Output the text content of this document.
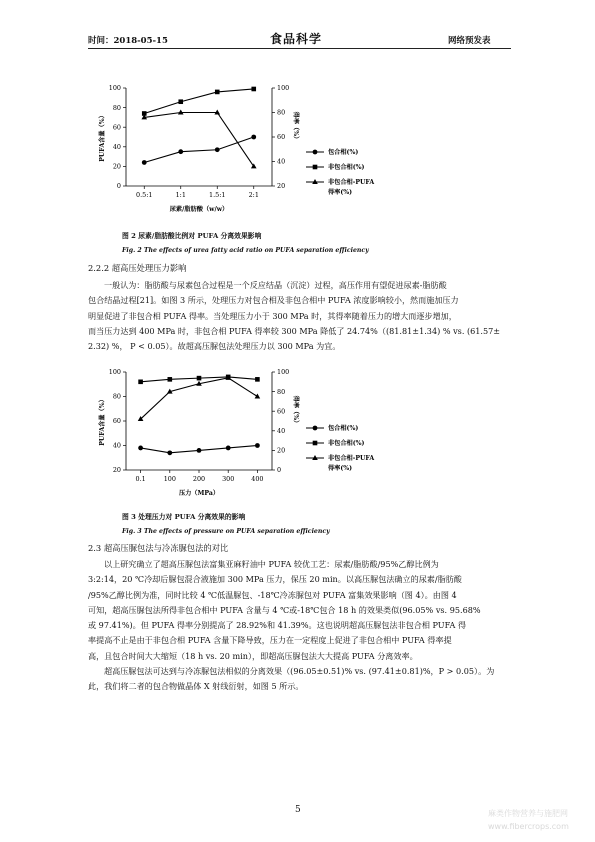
时间：2018-05-15	食品科学	网络预发表
0
20
40
60
80
100
20
40
60
80
100
0.5:1	1:1	1.5:1	2:1
PUFA含量（%）	得率（%）
尿素/脂肪酸（w/w）
包合相(%)
非包合相(%)
非包合相-PUFA
得率(%)
图 2 尿素/脂肪酸比例对 PUFA 分离效果影响
Fig. 2 The effects of urea fatty acid ratio on PUFA separation efficiency
2.2.2 超高压处理压力影响
一般认为：脂肪酸与尿素包合过程是一个反应结晶（沉淀）过程，高压作用有望促进尿素-脂肪酸
包合结晶过程[21]。如图 3 所示，处理压力对包合相及非包合相中 PUFA 浓度影响较小，然而施加压力
明显促进了非包合相 PUFA 得率。当处理压力小于 300 MPa 时，其得率随着压力的增大而逐步增加，
而当压力达到 400 MPa 时，非包合相 PUFA 得率较 300 MPa 降低了 24.74%（(81.81±1.34) % vs. (61.57±
2.32) %， P < 0.05）。故超高压脲包法处理压力以 300 MPa 为宜。
20
40
60
80
100
0
20
40
60
80
100
0.1	100	200	300	400
PUFA含量（%）	得率（%）
压力（MPa）
包合相(%)
非包合相(%)
非包合相-PUFA
得率(%)
图 3 处理压力对 PUFA 分离效果的影响
Fig. 3 The effects of pressure on PUFA separation efficiency
2.3 超高压脲包法与冷冻脲包法的对比
以上研究确立了超高压脲包法富集亚麻籽油中 PUFA 较优工艺：尿素/脂肪酸/95%乙醇比例为
3:2:14，20 ℃冷却后脲包混合液施加 300 MPa 压力，保压 20 min。以高压脲包法确立的尿素/脂肪酸
/95%乙醇比例为准，同时比较 4 ℃低温脲包、-18℃冷冻脲包对 PUFA 富集效果影响（图 4）。由图 4
可知，超高压脲包法所得非包合相中 PUFA 含量与 4 ℃或-18℃包合 18 h 的效果类似(96.05% vs. 95.68%
或 97.41%)。但 PUFA 得率分别提高了 28.92%和 41.39%。这也说明超高压脲包法非包合相 PUFA 得
率提高不止是由于非包合相 PUFA 含量下降导致，压力在一定程度上促进了非包合相中 PUFA 得率提
高，且包合时间大大缩短（18 h vs. 20 min），即超高压脲包法大大提高 PUFA 分离效率。
超高压脲包法可达到与冷冻脲包法相似的分离效果（(96.05±0.51)% vs. (97.41±0.81)%，P > 0.05）。为
此，我们将二者的包合物做晶体 X 射线衍射，如图 5 所示。
5	麻类作物营养与施肥网
www.fibercrops.com
